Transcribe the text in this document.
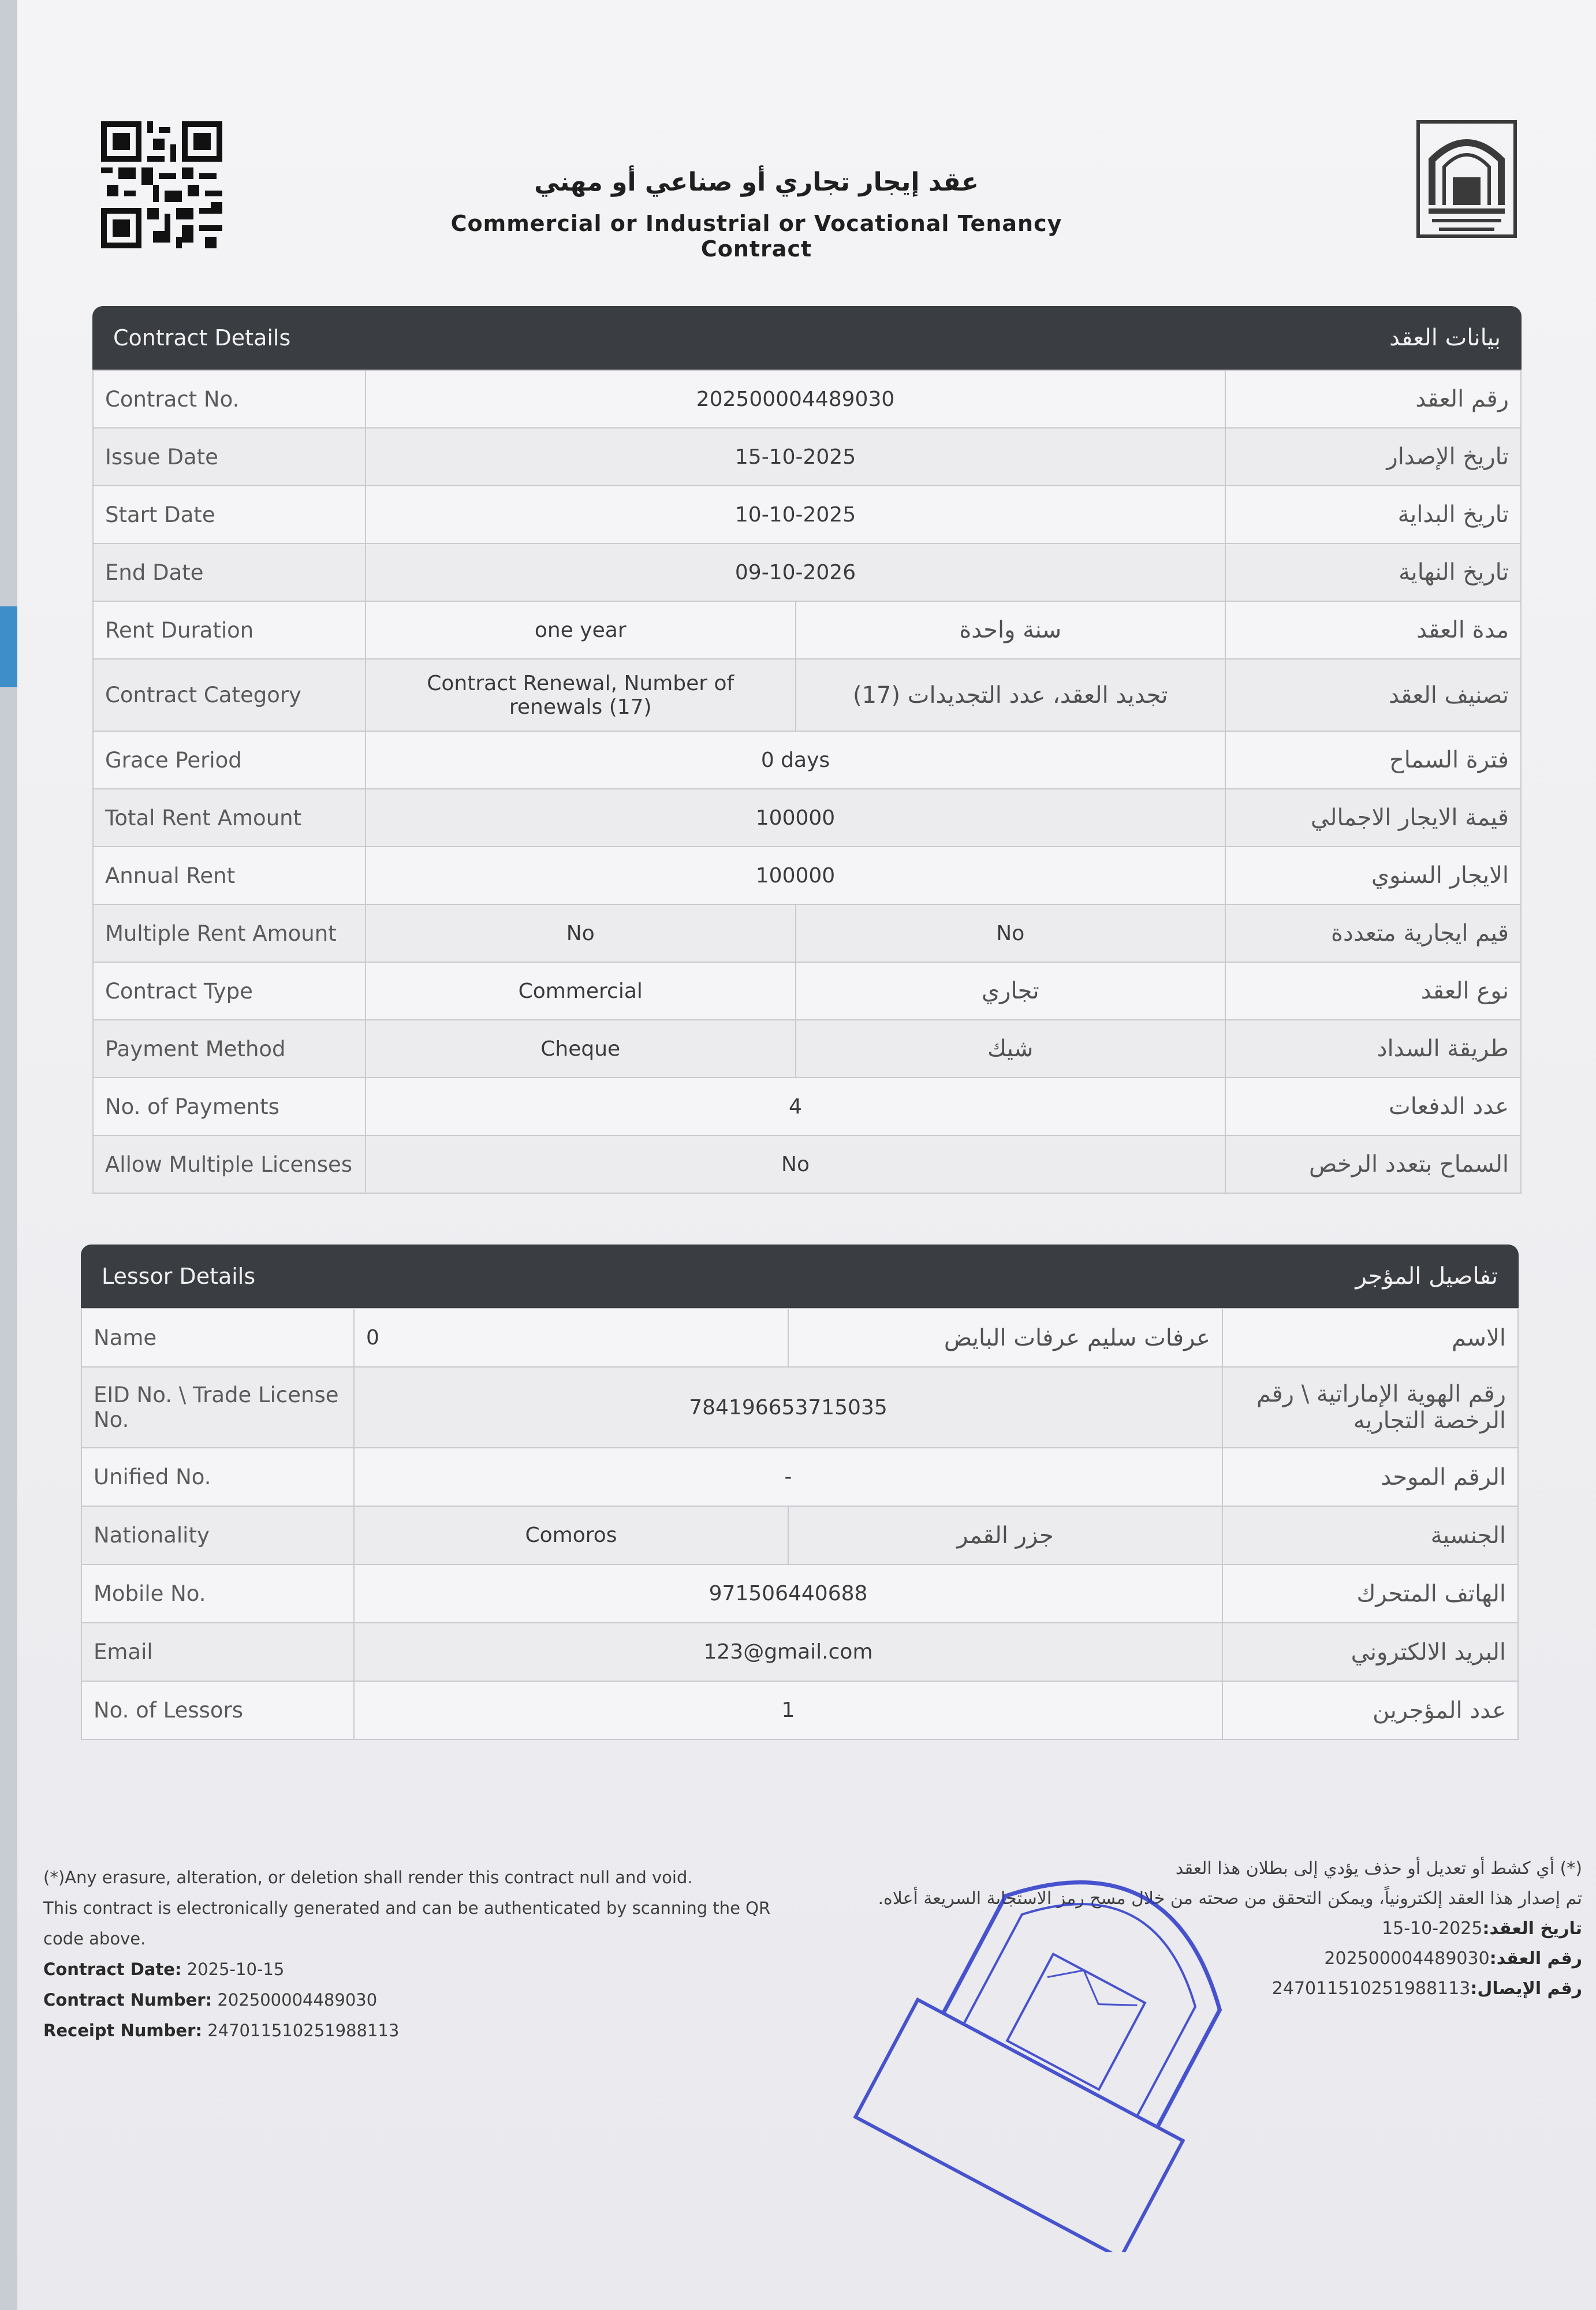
عقد إيجار تجاري أو صناعي أو مهني
Commercial or Industrial or Vocational Tenancy Contract
Contract Details	بيانات العقد
Contract No.	202500004489030		رقم العقد
Issue Date	15-10-2025		تاريخ الإصدار
Start Date	10-10-2025		تاريخ البداية
End Date	09-10-2026		تاريخ النهاية
Rent Duration	one year	سنة واحدة	مدة العقد
Contract Category	Contract Renewal, Number of renewals (17)	تجديد العقد، عدد التجديدات (17)	تصنيف العقد
Grace Period	0 days		فترة السماح
Total Rent Amount	100000		قيمة الايجار الاجمالي
Annual Rent	100000		الايجار السنوي
Multiple Rent Amount	No	No	قيم ايجارية متعددة
Contract Type	Commercial	تجاري	نوع العقد
Payment Method	Cheque	شيك	طريقة السداد
No. of Payments	4		عدد الدفعات
Allow Multiple Licenses	No		السماح بتعدد الرخص
Lessor Details	تفاصيل المؤجر
Name	0	عرفات سليم عرفات البايض	الاسم
EID No. \ Trade License No.	784196653715035		رقم الهوية الإماراتية \ رقم الرخصة التجاريه
Unified No.	-		الرقم الموحد
Nationality	Comoros	جزر القمر	الجنسية
Mobile No.	971506440688		الهاتف المتحرك
Email	123@gmail.com		البريد الالكتروني
No. of Lessors	1		عدد المؤجرين
(*)Any erasure, alteration, or deletion shall render this contract null and void.
This contract is electronically generated and can be authenticated by scanning the QR code above.
Contract Date: 2025-10-15
Contract Number: 202500004489030
Receipt Number: 247011510251988113
(*) أي كشط أو تعديل أو حذف يؤدي إلى بطلان هذا العقد
تم إصدار هذا العقد إلكترونياً، ويمكن التحقق من صحته من خلال مسح رمز الاستجابة السريعة أعلاه.
تاريخ العقد:2025-10-15
رقم العقد:202500004489030
رقم الإيصال:247011510251988113
